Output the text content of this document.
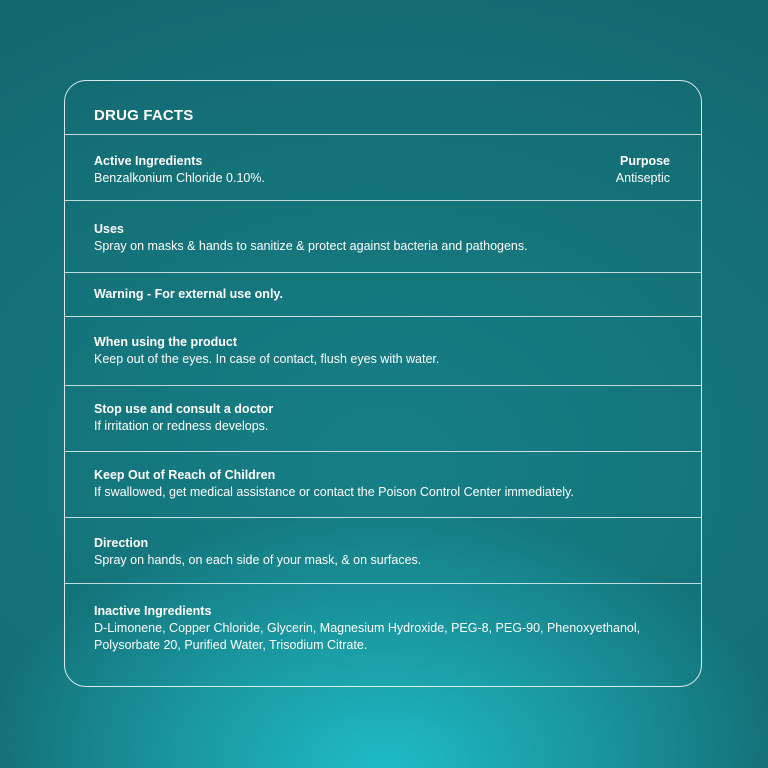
DRUG FACTS
Active Ingredients
Benzalkonium Chloride 0.10%.
Purpose
Antiseptic
Uses
Spray on masks & hands to sanitize & protect against bacteria and pathogens.
Warning - For external use only.
When using the product
Keep out of the eyes. In case of contact, flush eyes with water.
Stop use and consult a doctor
If irritation or redness develops.
Keep Out of Reach of Children
If swallowed, get medical assistance or contact the Poison Control Center immediately.
Direction
Spray on hands, on each side of your mask, & on surfaces.
Inactive Ingredients
D-Limonene, Copper Chloride, Glycerin, Magnesium Hydroxide, PEG-8, PEG-90, Phenoxyethanol,
Polysorbate 20, Purified Water, Trisodium Citrate.
